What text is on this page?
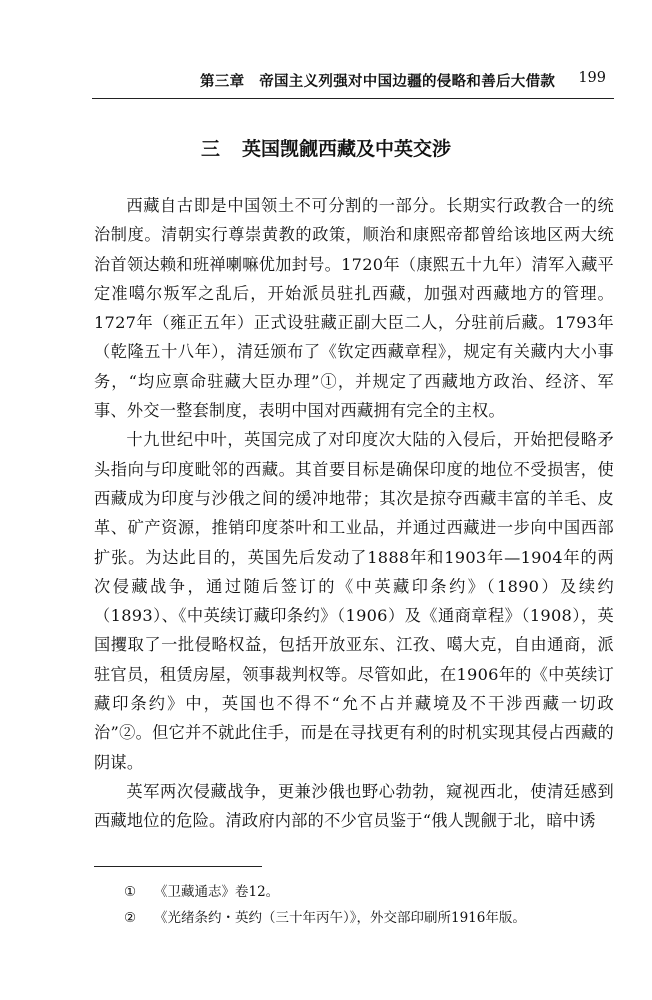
第三章　帝国主义列强对中国边疆的侵略和善后大借款 199
三 英国觊觎西藏及中英交涉

西藏自古即是中国领土不可分割的一部分。长期实行政教合一的统治制度。清朝实行尊崇黄教的政策，顺治和康熙帝都曾给该地区两大统治首领达赖和班禅喇嘛优加封号。1720年（康熙五十九年）清军入藏平定准噶尔叛军之乱后，开始派员驻扎西藏，加强对西藏地方的管理。1727年（雍正五年）正式设驻藏正副大臣二人，分驻前后藏。1793年（乾隆五十八年），清廷颁布了《钦定西藏章程》，规定有关藏内大小事务，“均应禀命驻藏大臣办理”①，并规定了西藏地方政治、经济、军事、外交一整套制度，表明中国对西藏拥有完全的主权。

十九世纪中叶，英国完成了对印度次大陆的入侵后，开始把侵略矛头指向与印度毗邻的西藏。其首要目标是确保印度的地位不受损害，使西藏成为印度与沙俄之间的缓冲地带；其次是掠夺西藏丰富的羊毛、皮革、矿产资源，推销印度茶叶和工业品，并通过西藏进一步向中国西部扩张。为达此目的，英国先后发动了1888年和1903年—1904年的两次侵藏战争，通过随后签订的《中英藏印条约》（1890）及续约（1893）、《中英续订藏印条约》（1906）及《通商章程》（1908），英国攫取了一批侵略权益，包括开放亚东、江孜、噶大克，自由通商，派驻官员，租赁房屋，领事裁判权等。尽管如此，在1906年的《中英续订藏印条约》中，英国也不得不“允不占并藏境及不干涉西藏一切政治”②。但它并不就此住手，而是在寻找更有利的时机实现其侵占西藏的阴谋。

英军两次侵藏战争，更兼沙俄也野心勃勃，窥视西北，使清廷感到西藏地位的危险。清政府内部的不少官员鉴于“俄人觊觎于北，暗中诱

① 《卫藏通志》卷12。
② 《光绪条约・英约（三十年丙午）》，外交部印刷所1916年版。
